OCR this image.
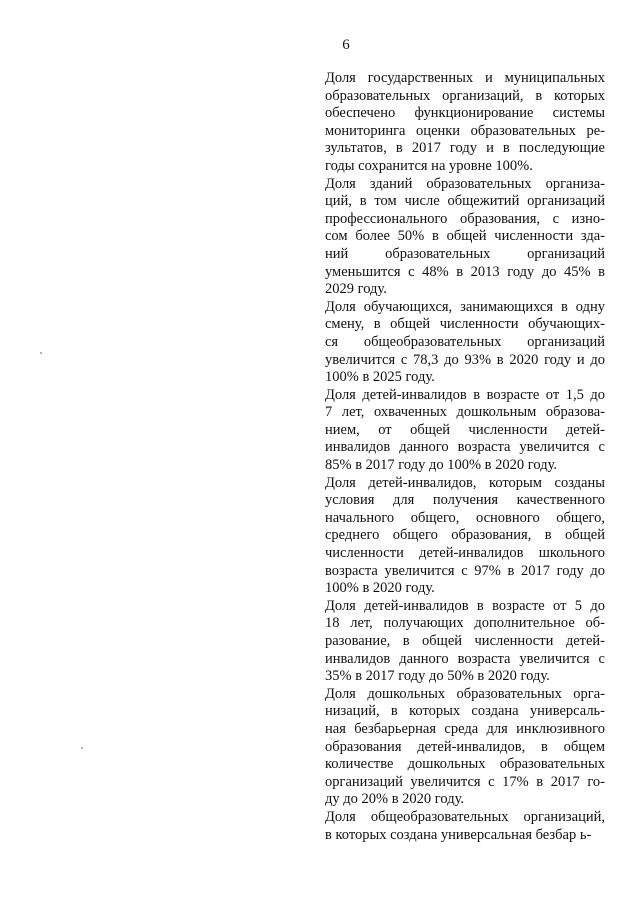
6

Доля государственных и муниципальных
образовательных организаций, в которых
обеспечено функционирование системы
мониторинга оценки образовательных ре-
зультатов, в 2017 году и в последующие
годы сохранится на уровне 100%.

Доля зданий образовательных организа-
ций, в том числе общежитий организаций
профессионального образования, с изно-
сом более 50% в общей численности зда-
ний образовательных организаций
уменьшится с 48% в 2013 году до 45% в
2029 году.

Доля обучающихся, занимающихся в одну
смену, в общей численности обучающих-
ся общеобразовательных организаций
увеличится с 78,3 до 93% в 2020 году и до
100% в 2025 году.

Доля детей-инвалидов в возрасте от 1,5 до
7 лет, охваченных дошкольным образова-
нием, от общей численности детей-
инвалидов данного возраста увеличится с
85% в 2017 году до 100% в 2020 году.

Доля детей-инвалидов, которым созданы
условия для получения качественного
начального общего, основного общего,
среднего общего образования, в общей
численности детей-инвалидов школьного
возраста увеличится с 97% в 2017 году до
100% в 2020 году.

Доля детей-инвалидов в возрасте от 5 до
18 лет, получающих дополнительное об-
разование, в общей численности детей-
инвалидов данного возраста увеличится с
35% в 2017 году до 50% в 2020 году.

Доля дошкольных образовательных орга-
низаций, в которых создана универсаль-
ная безбарьерная среда для инклюзивного
образования детей-инвалидов, в общем
количестве дошкольных образовательных
организаций увеличится с 17% в 2017 го-
ду до 20% в 2020 году.

Доля общеобразовательных организаций,
в которых создана универсальная безбар ь-
